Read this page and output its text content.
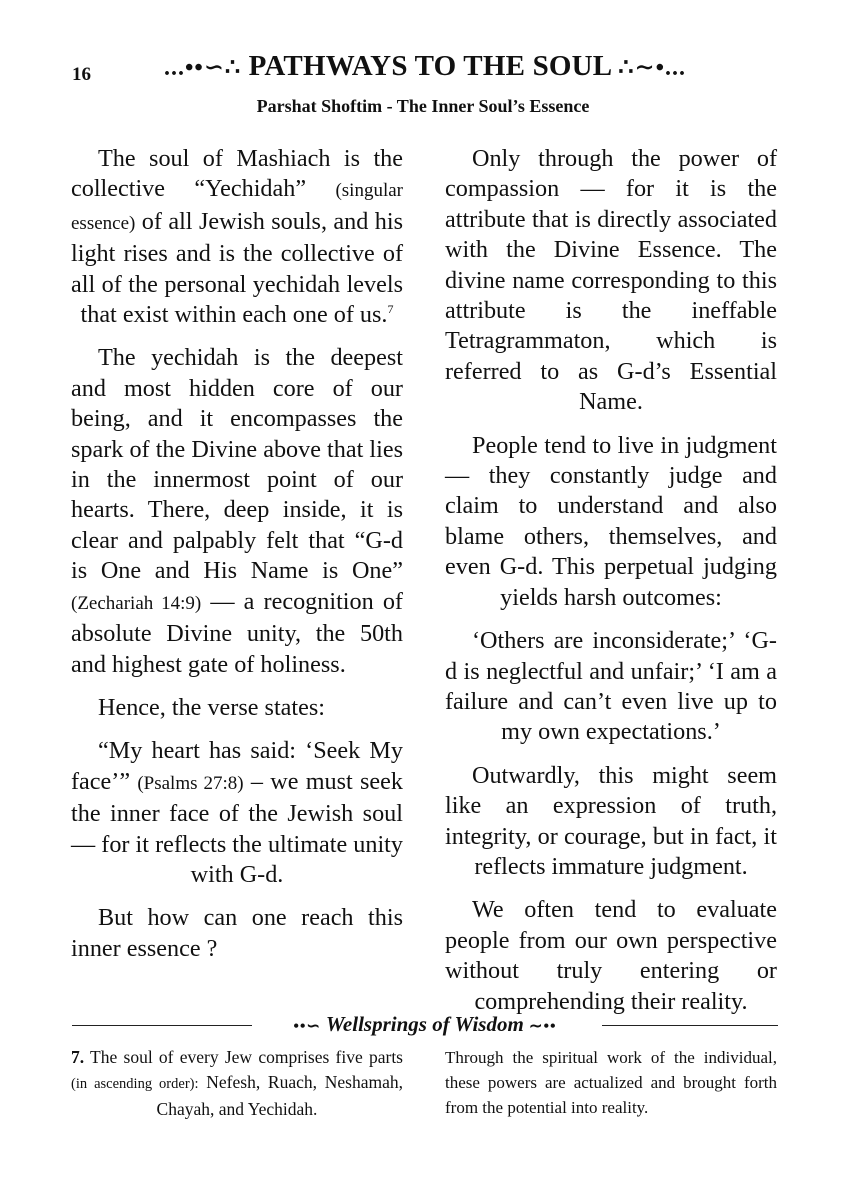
16	...••∽∴ PATHWAYS TO THE SOUL ∴∼•...
Parshat Shoftim - The Inner Soul’s Essence

The soul of Mashiach is the collective “Yechidah” (singular essence) of all Jewish souls, and his light rises and is the collective of all of the personal yechidah levels that exist within each one of us.$^7$

The yechidah is the deepest and most hidden core of our being, and it encompasses the spark of the Divine above that lies in the innermost point of our hearts. There, deep inside, it is clear and palpably felt that “G-d is One and His Name is One” (Zechariah 14:9) — a recognition of absolute Divine unity, the 50th and highest gate of holiness.

Hence, the verse states:

“My heart has said: ‘Seek My face’” (Psalms 27:8) – we must seek the inner face of the Jewish soul — for it reflects the ultimate unity with G-d.

But how can one reach this inner essence ?

Only through the power of compassion — for it is the attribute that is directly associated with the Divine Essence. The divine name corresponding to this attribute is the ineffable Tetragrammaton, which is referred to as G-d’s Essential Name.

People tend to live in judgment — they constantly judge and claim to understand and also blame others, themselves, and even G-d. This perpetual judging yields harsh outcomes:

‘Others are inconsiderate;’ ‘G-d is neglectful and unfair;’ ‘I am a failure and can’t even live up to my own expectations.’

Outwardly, this might seem like an expression of truth, integrity, or courage, but in fact, it reflects immature judgment.

We often tend to evaluate people from our own perspective without truly entering or comprehending their reality.

••∽ Wellsprings of Wisdom ∼••
7. The soul of every Jew comprises five parts (in ascending order): Nefesh, Ruach, Neshamah, Chayah, and Yechidah.
Through the spiritual work of the individual, these powers are actualized and brought forth from the potential into reality.
